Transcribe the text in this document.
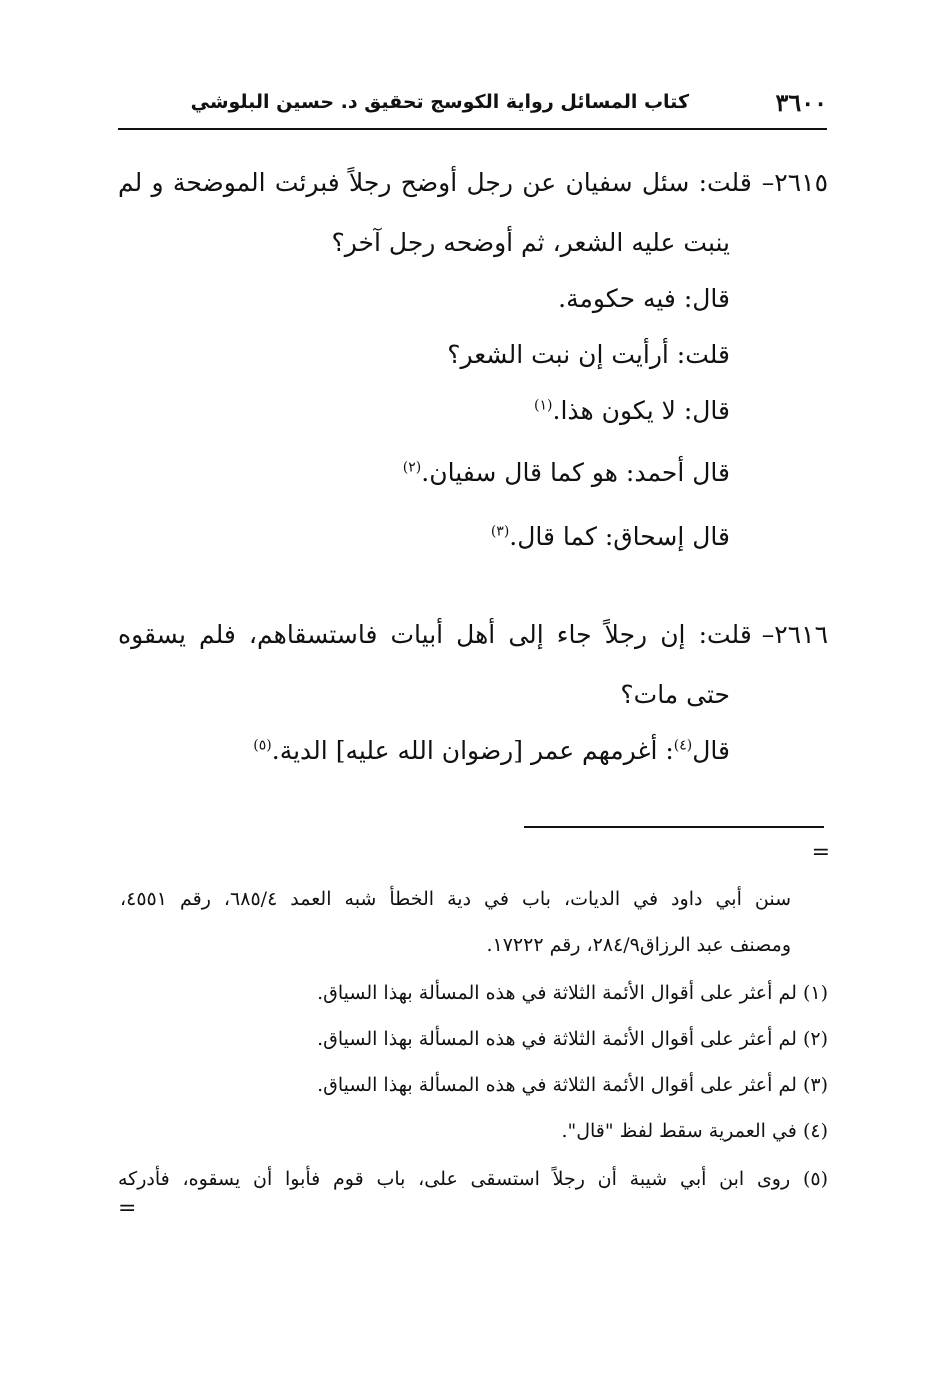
٣٦٠٠
كتاب المسائل رواية الكوسج تحقيق د. حسين البلوشي
٢٦١٥–قلت: سئل سفيان عن رجل أوضح رجلاً فبرئت الموضحة و لم
ينبت عليه الشعر، ثم أوضحه رجل آخر؟
قال: فيه حكومة.
قلت: أرأيت إن نبت الشعر؟
قال: لا يكون هذا.$^{(١)}$
قال أحمد: هو كما قال سفيان.$^{(٢)}$
قال إسحاق: كما قال.$^{(٣)}$
٢٦١٦–قلت: إن رجلاً جاء إلى أهل أبيات فاستسقاهم، فلم يسقوه
حتى مات؟
قال$^{(٤)}$: أغرمهم عمر [رضوان الله عليه] الدية.$^{(٥)}$
=
سنن أبي داود في الديات، باب في دية الخطأ شبه العمد ٦٨٥/٤، رقم ٤٥٥١،
ومصنف عبد الرزاق٢٨٤/٩، رقم ١٧٢٢٢.
(١) لم أعثر على أقوال الأئمة الثلاثة في هذه المسألة بهذا السياق.
(٢) لم أعثر على أقوال الأئمة الثلاثة في هذه المسألة بهذا السياق.
(٣) لم أعثر على أقوال الأئمة الثلاثة في هذه المسألة بهذا السياق.
(٤) في العمرية سقط لفظ "قال".
(٥) روى ابن أبي شيبة أن رجلاً استسقى على، باب قوم فأبوا أن يسقوه، فأدركه
=
